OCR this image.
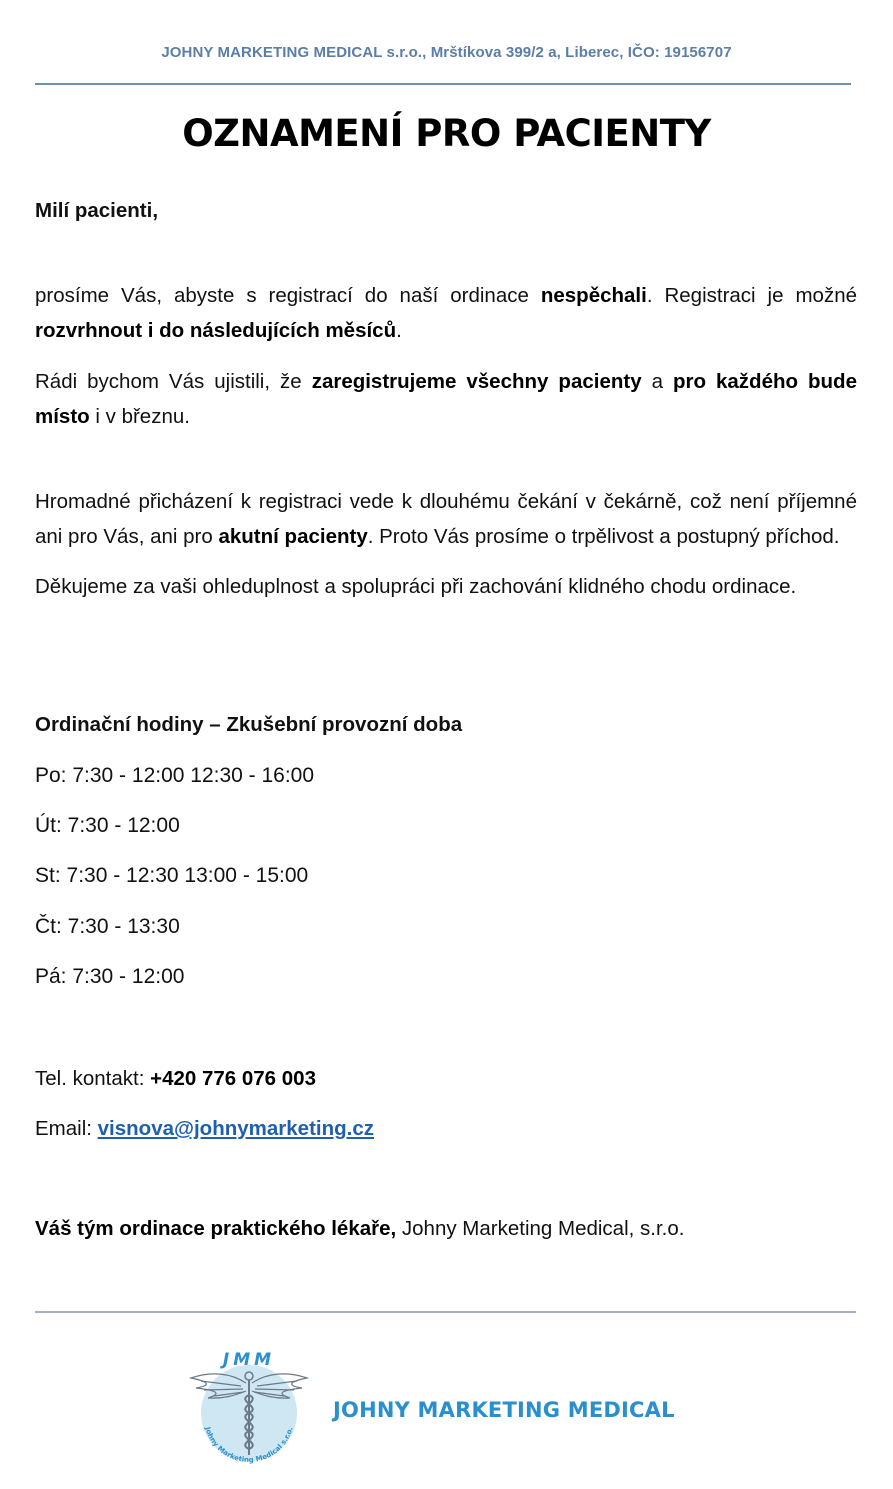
JOHNY MARKETING MEDICAL s.r.o., Mrštíkova 399/2 a, Liberec, IČO: 19156707
OZNAMENÍ PRO PACIENTY
Milí pacienti,
prosíme Vás, abyste s registrací do naší ordinace nespěchali. Registraci je možné rozvrhnout i do následujících měsíců.
Rádi bychom Vás ujistili, že zaregistrujeme všechny pacienty a pro každého bude místo i v březnu.
Hromadné přicházení k registraci vede k dlouhému čekání v čekárně, což není příjemné ani pro Vás, ani pro akutní pacienty. Proto Vás prosíme o trpělivost a postupný příchod.
Děkujeme za vaši ohleduplnost a spolupráci při zachování klidného chodu ordinace.
Ordinační hodiny – Zkušební provozní doba
Po: 7:30 - 12:00 12:30 - 16:00
Út: 7:30 - 12:00
St: 7:30 - 12:30 13:00 - 15:00
Čt: 7:30 - 13:30
Pá: 7:30 - 12:00
Tel. kontakt: +420 776 076 003
Email: visnova@johnymarketing.cz
Váš tým ordinace praktického lékaře, Johny Marketing Medical, s.r.o.
JMM
Johny Marketing Medical s.r.o.
JOHNY MARKETING MEDICAL
